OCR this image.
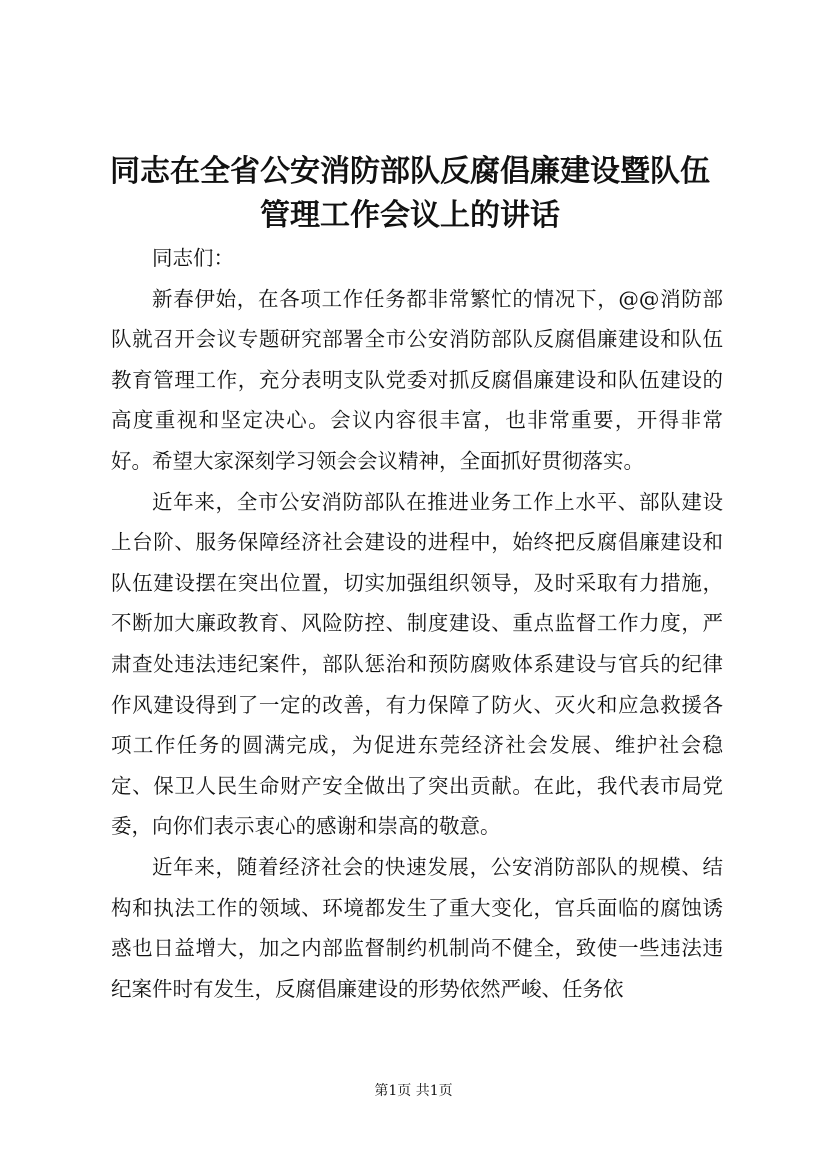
同志在全省公安消防部队反腐倡廉建设暨队伍
管理工作会议上的讲话

同志们：

新春伊始，在各项工作任务都非常繁忙的情况下，@@消防部队就召开会议专题研究部署全市公安消防部队反腐倡廉建设和队伍教育管理工作，充分表明支队党委对抓反腐倡廉建设和队伍建设的高度重视和坚定决心。会议内容很丰富，也非常重要，开得非常好。希望大家深刻学习领会会议精神，全面抓好贯彻落实。

近年来，全市公安消防部队在推进业务工作上水平、部队建设上台阶、服务保障经济社会建设的进程中，始终把反腐倡廉建设和队伍建设摆在突出位置，切实加强组织领导，及时采取有力措施，不断加大廉政教育、风险防控、制度建设、重点监督工作力度，严肃查处违法违纪案件，部队惩治和预防腐败体系建设与官兵的纪律作风建设得到了一定的改善，有力保障了防火、灭火和应急救援各项工作任务的圆满完成，为促进东莞经济社会发展、维护社会稳定、保卫人民生命财产安全做出了突出贡献。在此，我代表市局党委，向你们表示衷心的感谢和崇高的敬意。

近年来，随着经济社会的快速发展，公安消防部队的规模、结构和执法工作的领域、环境都发生了重大变化，官兵面临的腐蚀诱惑也日益增大，加之内部监督制约机制尚不健全，致使一些违法违纪案件时有发生，反腐倡廉建设的形势依然严峻、任务依

第1页 共1页
